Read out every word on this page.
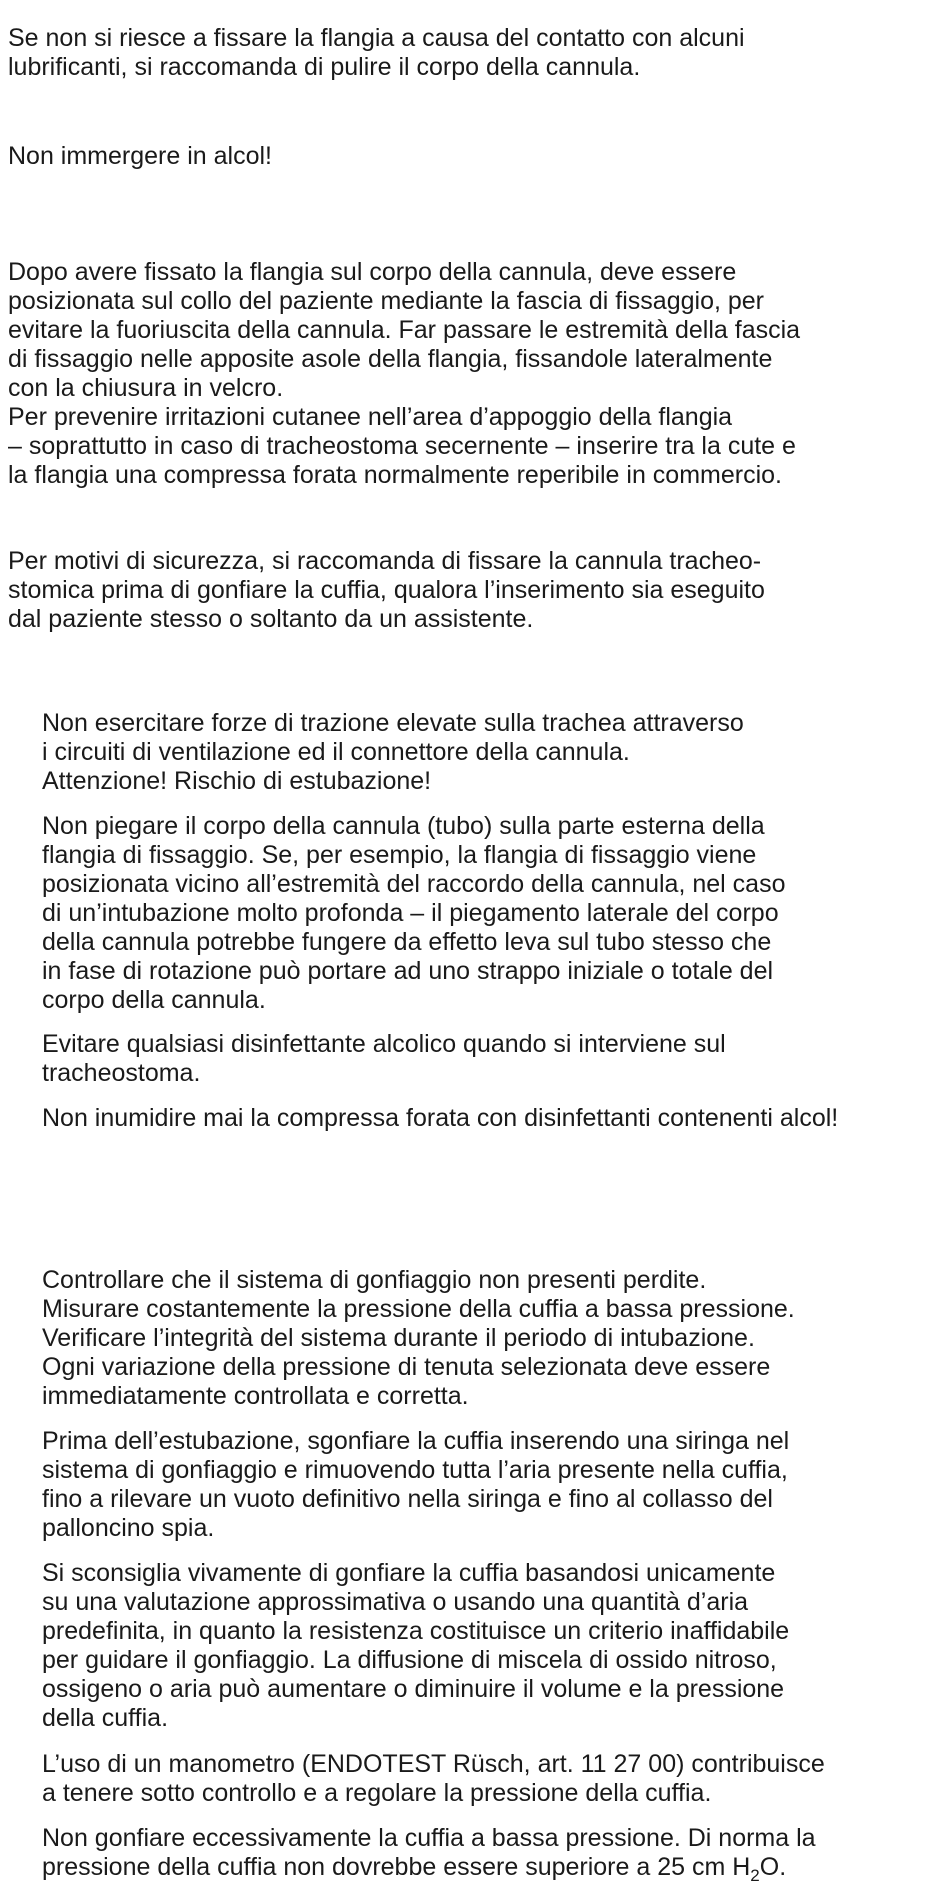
Se non si riesce a fissare la flangia a causa del contatto con alcuni
lubrificanti, si raccomanda di pulire il corpo della cannula.

Non immergere in alcol!

Dopo avere fissato la flangia sul corpo della cannula, deve essere
posizionata sul collo del paziente mediante la fascia di fissaggio, per
evitare la fuoriuscita della cannula. Far passare le estremità della fascia
di fissaggio nelle apposite asole della flangia, fissandole lateralmente
con la chiusura in velcro.
Per prevenire irritazioni cutanee nell’area d’appoggio della flangia
– soprattutto in caso di tracheostoma secernente – inserire tra la cute e
la flangia una compressa forata normalmente reperibile in commercio.

Per motivi di sicurezza, si raccomanda di fissare la cannula tracheo-
stomica prima di gonfiare la cuffia, qualora l’inserimento sia eseguito
dal paziente stesso o soltanto da un assistente.

Non esercitare forze di trazione elevate sulla trachea attraverso
i circuiti di ventilazione ed il connettore della cannula.
Attenzione! Rischio di estubazione!

Non piegare il corpo della cannula (tubo) sulla parte esterna della
flangia di fissaggio. Se, per esempio, la flangia di fissaggio viene
posizionata vicino all’estremità del raccordo della cannula, nel caso
di un’intubazione molto profonda – il piegamento laterale del corpo
della cannula potrebbe fungere da effetto leva sul tubo stesso che
in fase di rotazione può portare ad uno strappo iniziale o totale del
corpo della cannula.

Evitare qualsiasi disinfettante alcolico quando si interviene sul
tracheostoma.

Non inumidire mai la compressa forata con disinfettanti contenenti alcol!

Controllare che il sistema di gonfiaggio non presenti perdite.
Misurare costantemente la pressione della cuffia a bassa pressione.
Verificare l’integrità del sistema durante il periodo di intubazione.
Ogni variazione della pressione di tenuta selezionata deve essere
immediatamente controllata e corretta.

Prima dell’estubazione, sgonfiare la cuffia inserendo una siringa nel
sistema di gonfiaggio e rimuovendo tutta l’aria presente nella cuffia,
fino a rilevare un vuoto definitivo nella siringa e fino al collasso del
palloncino spia.

Si sconsiglia vivamente di gonfiare la cuffia basandosi unicamente
su una valutazione approssimativa o usando una quantità d’aria
predefinita, in quanto la resistenza costituisce un criterio inaffidabile
per guidare il gonfiaggio. La diffusione di miscela di ossido nitroso,
ossigeno o aria può aumentare o diminuire il volume e la pressione
della cuffia.

L’uso di un manometro (ENDOTEST Rüsch, art. 11 27 00) contribuisce
a tenere sotto controllo e a regolare la pressione della cuffia.

Non gonfiare eccessivamente la cuffia a bassa pressione. Di norma la
pressione della cuffia non dovrebbe essere superiore a 25 cm $H_2O$.
